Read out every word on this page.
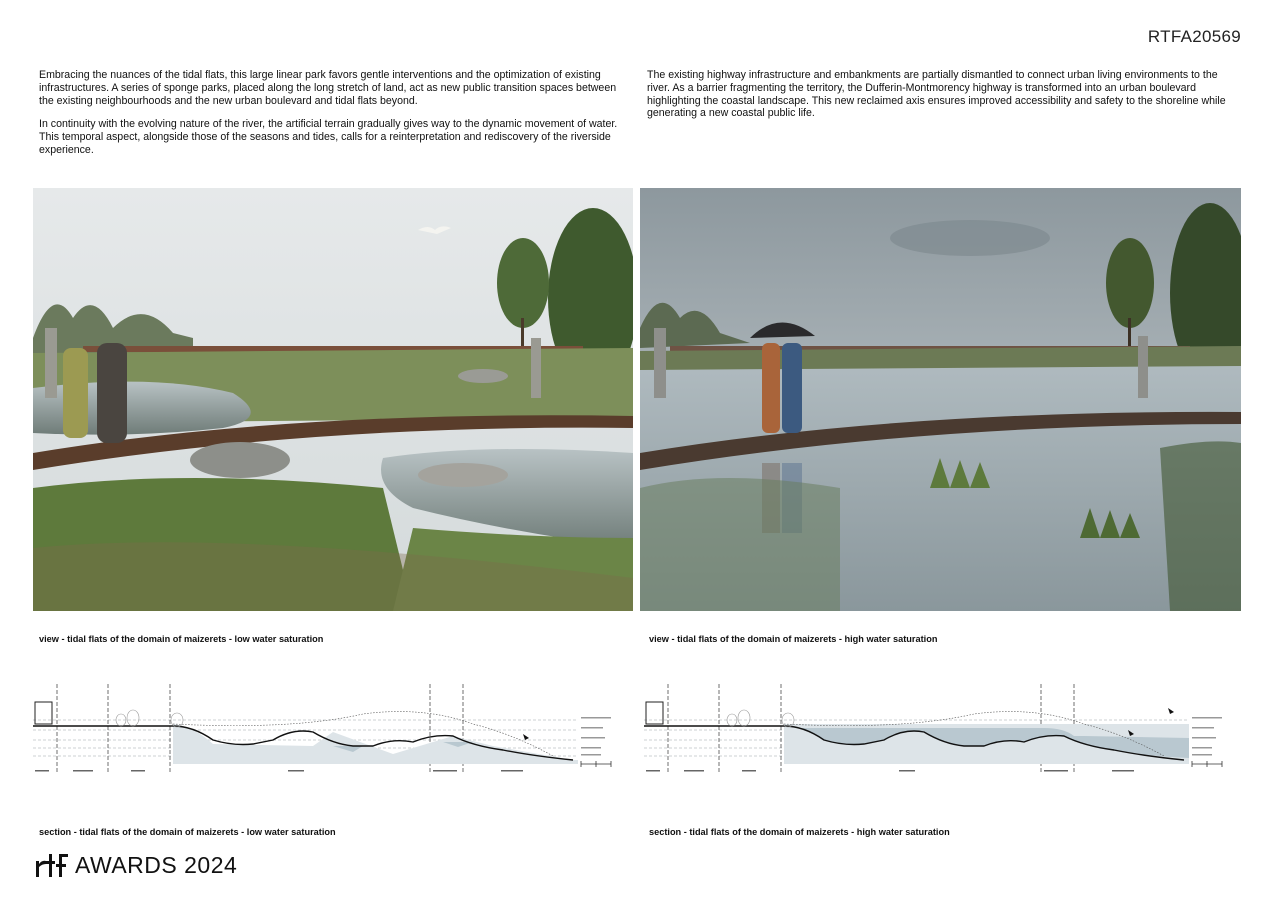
RTFA20569

Embracing the nuances of the tidal flats, this large linear park favors gentle interventions and the optimization of existing infrastructures. A series of sponge parks, placed along the long stretch of land, act as new public transition spaces between the existing neighbourhoods and the new urban boulevard and tidal flats beyond.

In continuity with the evolving nature of the river, the artificial terrain gradually gives way to the dynamic movement of water. This temporal aspect, alongside those of the seasons and tides, calls for a reinterpretation and rediscovery of the riverside experience.

The existing highway infrastructure and embankments are partially dismantled to connect urban living environments to the river. As a barrier fragmenting the territory, the Dufferin-Montmorency highway is transformed into an urban boulevard highlighting the coastal landscape. This new reclaimed axis ensures improved accessibility and safety to the shoreline while generating a new coastal public life.

view - tidal flats of the domain of maizerets - low water saturation	view - tidal flats of the domain of maizerets - high water saturation
section - tidal flats of the domain of maizerets - low water saturation	section - tidal flats of the domain of maizerets - high water saturation
AWARDS 2024
